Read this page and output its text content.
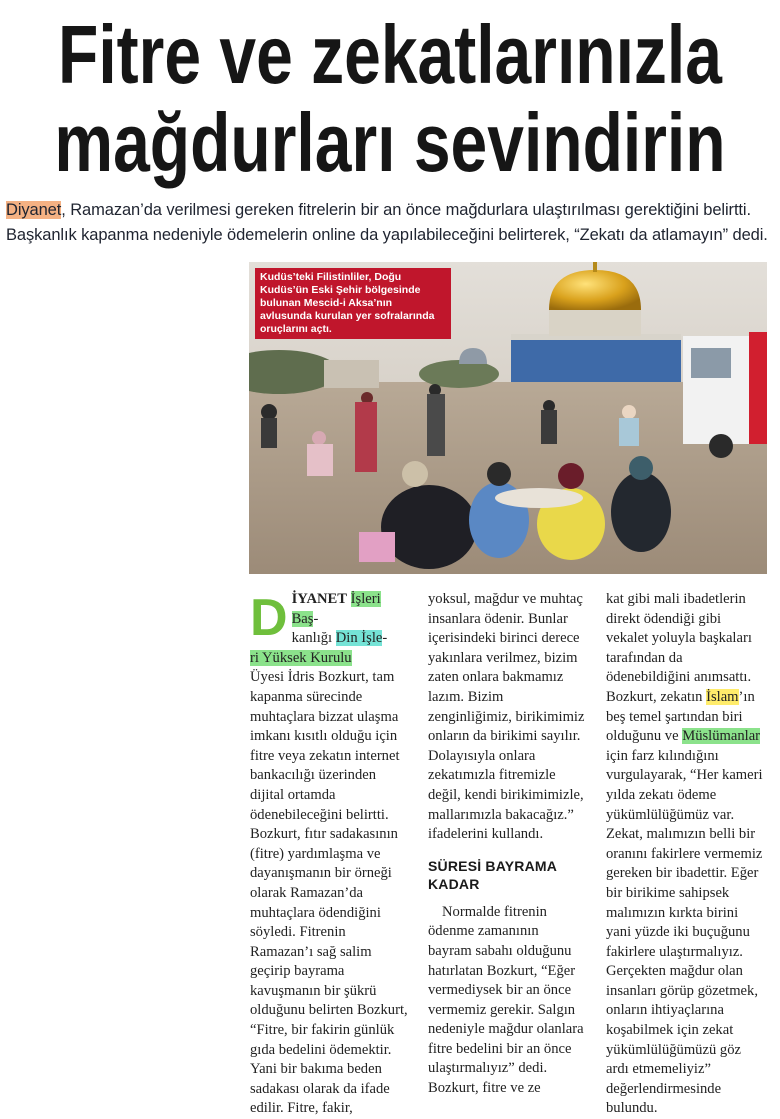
Fitre ve zekatlarınızla
mağdurları sevindirin

Diyanet, Ramazan’da verilmesi gereken fitrelerin bir an önce mağdurlara ulaştırılması gerektiğini belirtti. Başkanlık kapanma nedeniyle ödemelerin online da yapılabileceğini belirterek, “Zekatı da atlamayın” dedi.

Kudüs’teki Filistinliler, Doğu Kudüs’ün Eski Şehir bölgesinde bulunan Mescid-i Aksa’nın avlusunda kurulan yer sofralarında oruçlarını açtı.
D İYANET İşleri Baş-
kanlığı Din İşle-
ri Yüksek Kurulu
Üyesi İdris Bozkurt, tam kapanma sürecinde muhtaçlara bizzat ulaşma imkanı kısıtlı olduğu için fitre veya zekatın internet bankacılığı üzerinden dijital ortamda ödenebileceğini belirtti. Bozkurt, fıtır sadakasının (fitre) yardımlaşma ve dayanışmanın bir örneği olarak Ramazan’da muhtaçlara ödendiğini söyledi. Fitrenin Ramazan’ı sağ salim geçirip bayrama kavuşmanın bir şükrü olduğunu belirten Bozkurt, “Fitre, bir fakirin günlük gıda bedelini ödemektir. Yani bir bakıma beden sadakası olarak da ifade edilir. Fitre, fakir,
yoksul, mağdur ve muhtaç insanlara ödenir. Bunlar içerisindeki birinci derece yakınlara verilmez, bizim zaten onlara bakmamız lazım. Bizim zenginliğimiz, birikimimiz onların da birikimi sayılır. Dolayısıyla onlara zekatımızla fitremizle değil, kendi birikimimizle, mallarımızla bakacağız.” ifadelerini kullandı.
SÜRESİ BAYRAMA KADAR

Normalde fitrenin ödenme zamanının bayram sabahı olduğunu hatırlatan Bozkurt, “Eğer vermediysek bir an önce vermemiz gerekir. Salgın nedeniyle mağdur olanlara fitre bedelini bir an önce ulaştırmalıyız” dedi. Bozkurt, fitre ve ze

kat gibi mali ibadetlerin direkt ödendiği gibi vekalet yoluyla başkaları tarafından da ödenebildiğini anımsattı. Bozkurt, zekatın İslam’ın beş temel şartından biri olduğunu ve Müslümanlar için farz kılındığını vurgulayarak, “Her kameri yılda zekatı ödeme yükümlülüğümüz var. Zekat, malımızın belli bir oranını fakirlere vermemiz gereken bir ibadettir. Eğer bir birikime sahipsek malımızın kırkta birini yani yüzde iki buçuğunu fakirlere ulaştırmalıyız. Gerçekten mağdur olan insanları görüp gözetmek, onların ihtiyaçlarına koşabilmek için zekat yükümlülüğümüzü göz ardı etmemeliyiz” değerlendirmesinde bulundu.
